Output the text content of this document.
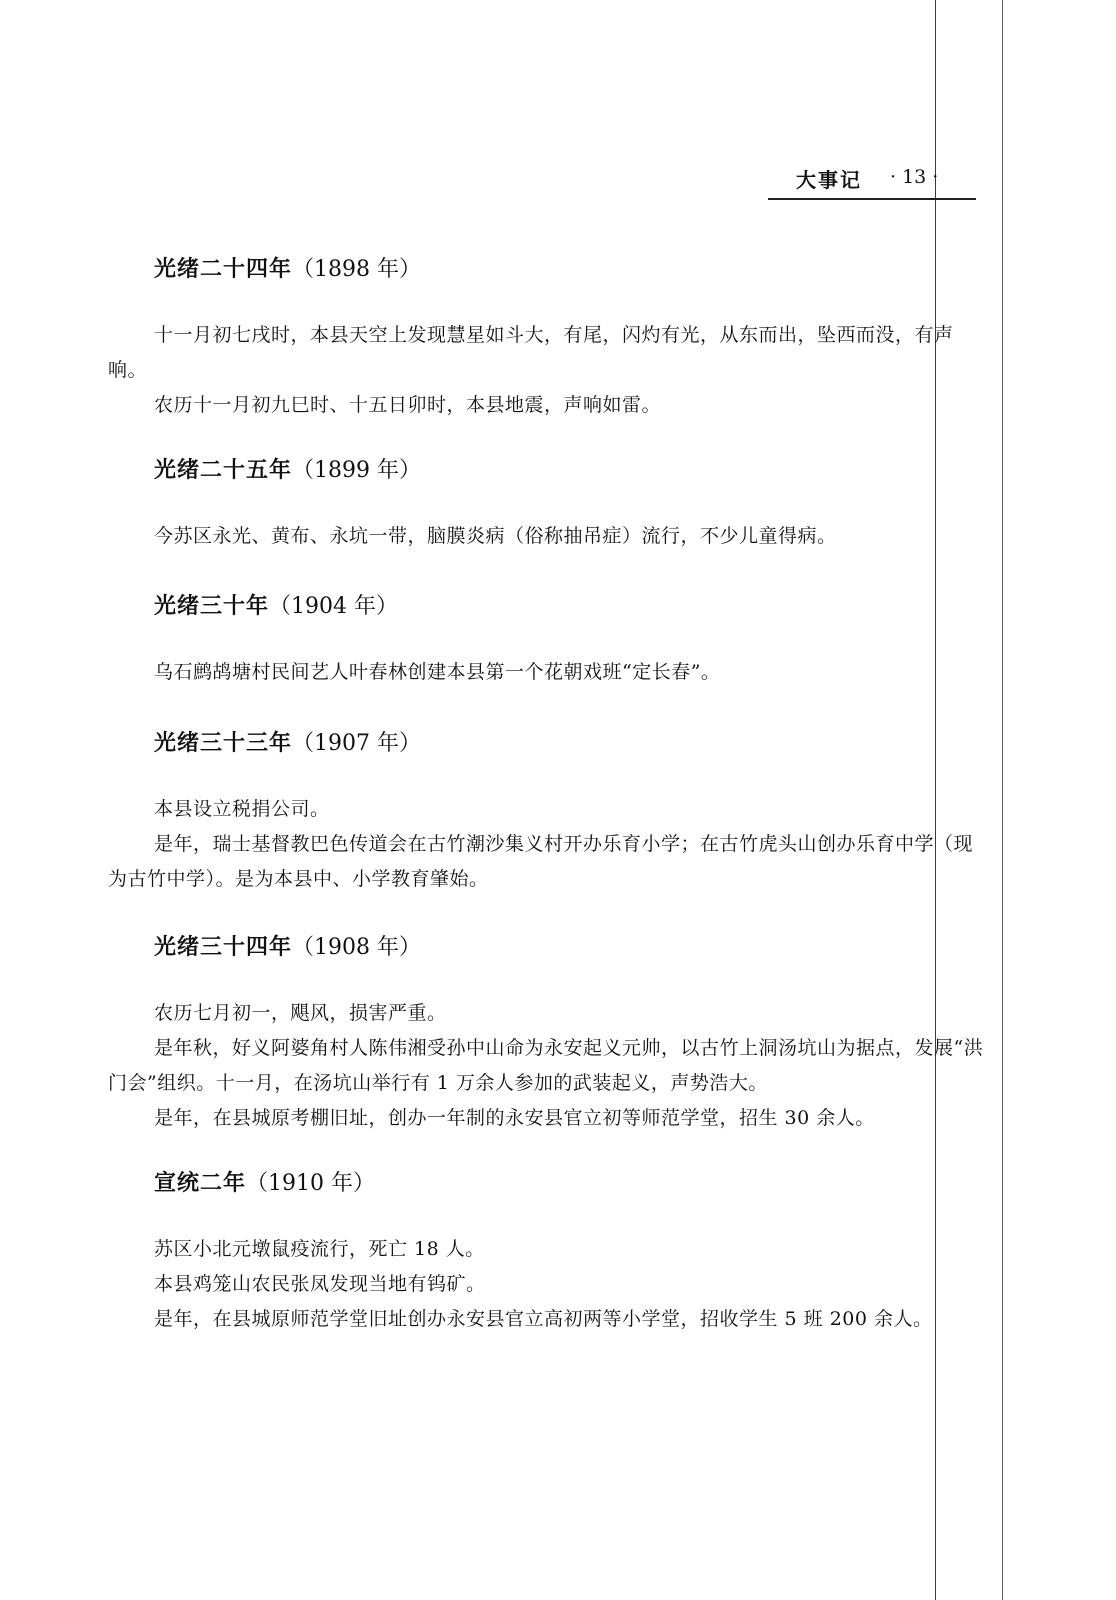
大事记 · 13 ·
光绪二十四年（1898 年）

十一月初七戌时，本县天空上发现慧星如斗大，有尾，闪灼有光，从东而出，坠西而没，有声响。

农历十一月初九巳时、十五日卯时，本县地震，声响如雷。

光绪二十五年（1899 年）

今苏区永光、黄布、永坑一带，脑膜炎病（俗称抽吊症）流行，不少儿童得病。

光绪三十年（1904 年）

乌石鹧鸪塘村民间艺人叶春林创建本县第一个花朝戏班“定长春”。

光绪三十三年（1907 年）

本县设立税捐公司。

是年，瑞士基督教巴色传道会在古竹潮沙集义村开办乐育小学；在古竹虎头山创办乐育中学（现为古竹中学）。是为本县中、小学教育肇始。

光绪三十四年（1908 年）

农历七月初一，飓风，损害严重。

是年秋，好义阿婆角村人陈伟湘受孙中山命为永安起义元帅，以古竹上洞汤坑山为据点，发展“洪门会”组织。十一月，在汤坑山举行有 1 万余人参加的武装起义，声势浩大。

是年，在县城原考棚旧址，创办一年制的永安县官立初等师范学堂，招生 30 余人。

宣统二年（1910 年）

苏区小北元墩鼠疫流行，死亡 18 人。

本县鸡笼山农民张凤发现当地有钨矿。

是年，在县城原师范学堂旧址创办永安县官立高初两等小学堂，招收学生 5 班 200 余人。
